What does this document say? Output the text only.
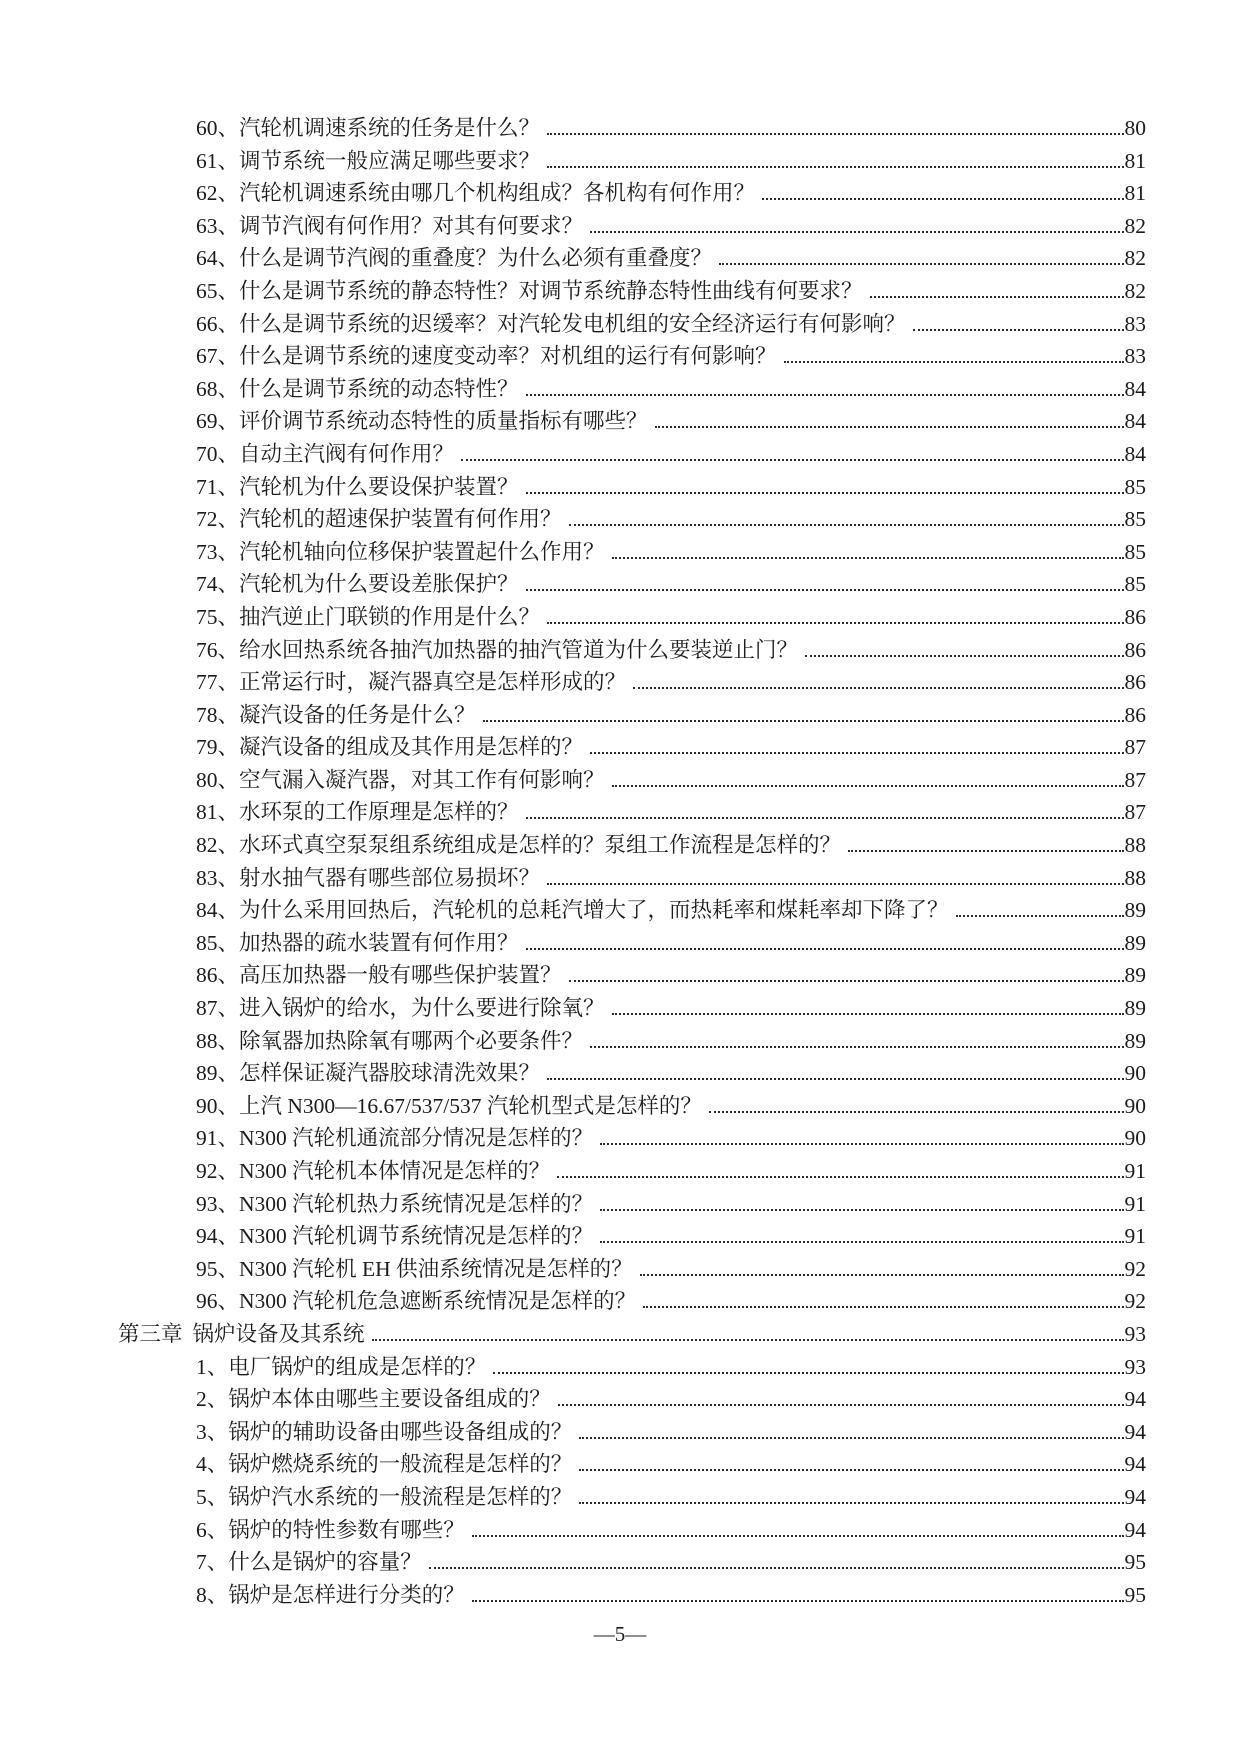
60、 汽轮机调速系统的任务是什么？	80
61、 调节系统一般应满足哪些要求？	81
62、 汽轮机调速系统由哪几个机构组成？各机构有何作用？	81
63、 调节汽阀有何作用？对其有何要求？	82
64、 什么是调节汽阀的重叠度？为什么必须有重叠度？	82
65、 什么是调节系统的静态特性？对调节系统静态特性曲线有何要求？	82
66、 什么是调节系统的迟缓率？对汽轮发电机组的安全经济运行有何影响？	83
67、 什么是调节系统的速度变动率？对机组的运行有何影响？	83
68、 什么是调节系统的动态特性？	84
69、 评价调节系统动态特性的质量指标有哪些？	84
70、 自动主汽阀有何作用？	84
71、 汽轮机为什么要设保护装置？	85
72、 汽轮机的超速保护装置有何作用？	85
73、 汽轮机轴向位移保护装置起什么作用？	85
74、 汽轮机为什么要设差胀保护？	85
75、 抽汽逆止门联锁的作用是什么？	86
76、 给水回热系统各抽汽加热器的抽汽管道为什么要装逆止门？	86
77、 正常运行时，凝汽器真空是怎样形成的？	86
78、 凝汽设备的任务是什么？	86
79、 凝汽设备的组成及其作用是怎样的？	87
80、 空气漏入凝汽器，对其工作有何影响？	87
81、 水环泵的工作原理是怎样的？	87
82、 水环式真空泵泵组系统组成是怎样的？泵组工作流程是怎样的？	88
83、 射水抽气器有哪些部位易损坏？	88
84、 为什么采用回热后，汽轮机的总耗汽增大了，而热耗率和煤耗率却下降了？	89
85、 加热器的疏水装置有何作用？	89
86、 高压加热器一般有哪些保护装置？	89
87、 进入锅炉的给水，为什么要进行除氧？	89
88、 除氧器加热除氧有哪两个必要条件？	89
89、 怎样保证凝汽器胶球清洗效果？	90
90、 上汽 N300—16.67/537/537 汽轮机型式是怎样的？	90
91、 N300 汽轮机通流部分情况是怎样的？	90
92、 N300 汽轮机本体情况是怎样的？	91
93、 N300 汽轮机热力系统情况是怎样的？	91
94、 N300 汽轮机调节系统情况是怎样的？	91
95、 N300 汽轮机 EH 供油系统情况是怎样的？	92
96、 N300 汽轮机危急遮断系统情况是怎样的？	92
第三章 锅炉设备及其系统	93
1、 电厂锅炉的组成是怎样的？	93
2、 锅炉本体由哪些主要设备组成的？	94
3、 锅炉的辅助设备由哪些设备组成的？	94
4、 锅炉燃烧系统的一般流程是怎样的？	94
5、 锅炉汽水系统的一般流程是怎样的？	94
6、 锅炉的特性参数有哪些？	94
7、 什么是锅炉的容量？	95
8、 锅炉是怎样进行分类的？	95
—5—
